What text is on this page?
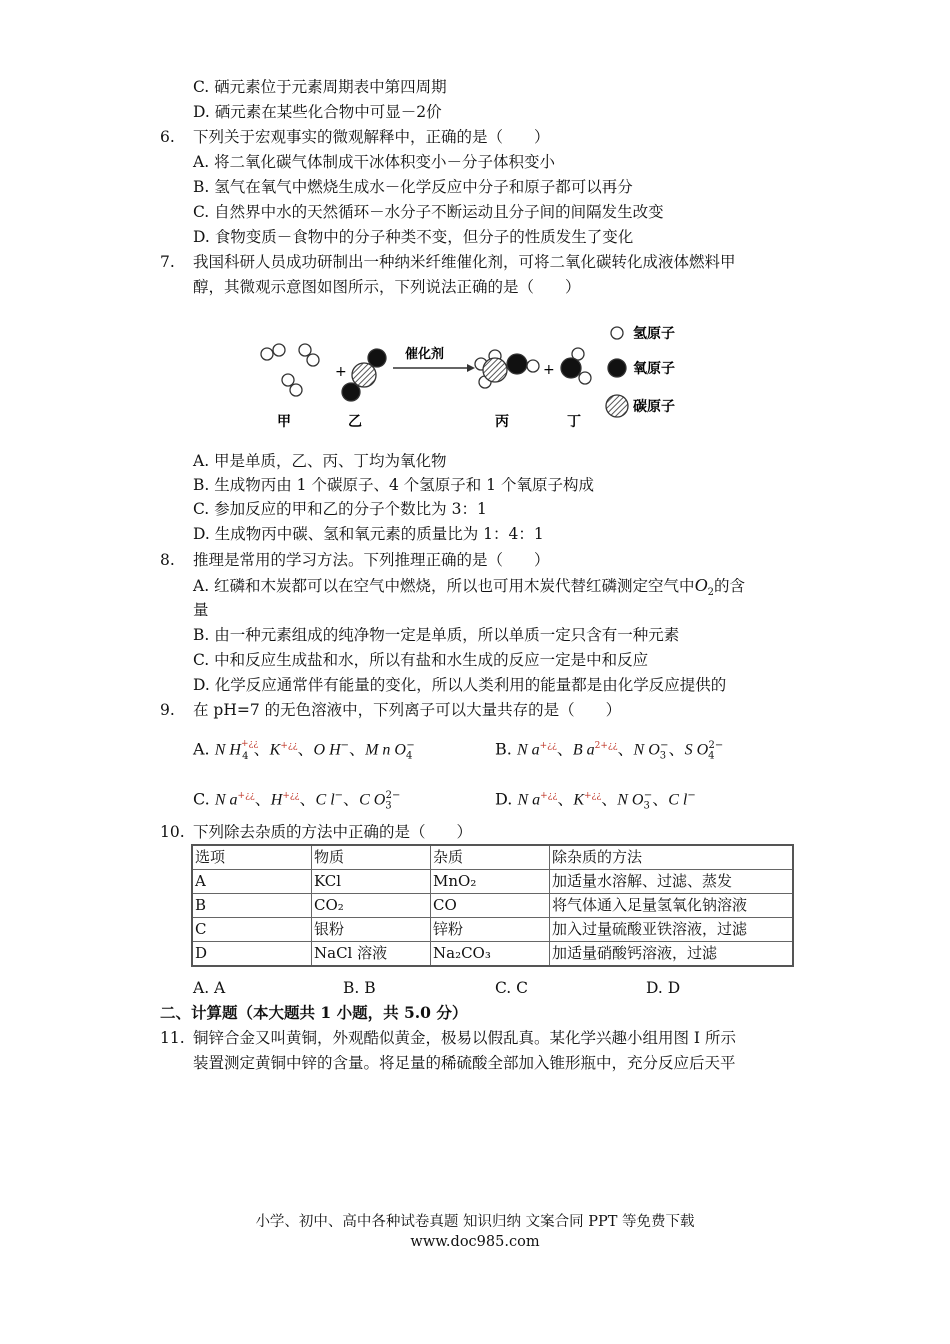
C. 硒元素位于元素周期表中第四周期
D. 硒元素在某些化合物中可显－2价
6. 下列关于宏观事实的微观解释中，正确的是（　　）
A. 将二氧化碳气体制成干冰体积变小－分子体积变小
B. 氢气在氧气中燃烧生成水－化学反应中分子和原子都可以再分
C. 自然界中水的天然循环－水分子不断运动且分子间的间隔发生改变
D. 食物变质－食物中的分子种类不变，但分子的性质发生了变化
7. 我国科研人员成功研制出一种纳米纤维催化剂，可将二氧化碳转化成液体燃料甲
醇，其微观示意图如图所示，下列说法正确的是（　　）
+
催化剂
+
氢原子
氧原子
碳原子
甲	乙	丙	丁
A. 甲是单质，乙、丙、丁均为氧化物
B. 生成物丙由 1 个碳原子、4 个氢原子和 1 个氧原子构成
C. 参加反应的甲和乙的分子个数比为 3：1
D. 生成物丙中碳、氢和氧元素的质量比为 1：4：1
8. 推理是常用的学习方法。下列推理正确的是（　　）
A. 红磷和木炭都可以在空气中燃烧，所以也可用木炭代替红磷测定空气中$O_2$的含
量
B. 由一种元素组成的纯净物一定是单质，所以单质一定只含有一种元素
C. 中和反应生成盐和水，所以有盐和水生成的反应一定是中和反应
D. 化学反应通常伴有能量的变化，所以人类利用的能量都是由化学反应提供的
9. 在 pH=7 的无色溶液中，下列离子可以大量共存的是（　　）
A. N $H^{+¿¿}_4$ 、K+¿¿、O H−、M n $O_4^-$	B. N a+¿¿、B $a^{2+¿¿}$、N $O_3^-$、S $O_4^{2-}$
C. N a+¿¿、H+¿¿、C l−、C $O_3^{2-}$	D. N a+¿¿、K+¿¿、N $O_3^-$、C l−
10. 下列除去杂质的方法中正确的是（　　）
选项	物质	杂质	除杂质的方法
A	KCl	MnO₂	加适量水溶解、过滤、蒸发
B	CO₂	CO	将气体通入足量氢氧化钠溶液
C	银粉	锌粉	加入过量硫酸亚铁溶液，过滤
D	NaCl 溶液	Na₂CO₃	加适量硝酸钙溶液，过滤
A. A	B. B	C. C	D. D
二、计算题（本大题共 1 小题，共 5.0 分）
11. 铜锌合金又叫黄铜，外观酷似黄金，极易以假乱真。某化学兴趣小组用图 I 所示
装置测定黄铜中锌的含量。将足量的稀硫酸全部加入锥形瓶中，充分反应后天平
小学、初中、高中各种试卷真题 知识归纳 文案合同 PPT 等免费下载
www.doc985.com
